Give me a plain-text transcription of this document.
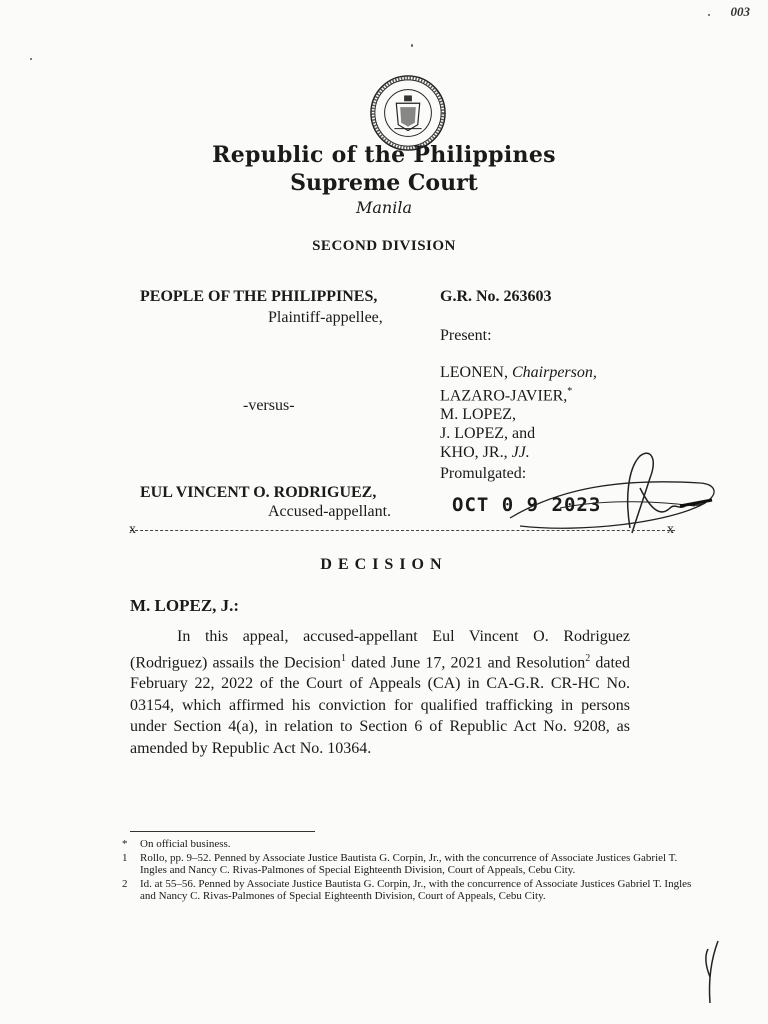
003
Republic of the Philippines
Supreme Court
Manila
SECOND DIVISION
PEOPLE OF THE PHILIPPINES,
Plaintiff-appellee,
-versus-
EUL VINCENT O. RODRIGUEZ,
Accused-appellant.
G.R. No. 263603
Present:
LEONEN, Chairperson,
LAZARO-JAVIER,*
M. LOPEZ,
J. LOPEZ, and
KHO, JR., JJ.
Promulgated:
OCT 0 9 2023
x	x
DECISION
M. LOPEZ, J.:
In this appeal, accused-appellant Eul Vincent O. Rodriguez (Rodriguez) assails the Decision$^1$ dated June 17, 2021 and Resolution$^2$ dated February 22, 2022 of the Court of Appeals (CA) in CA-G.R. CR-HC No. 03154, which affirmed his conviction for qualified trafficking in persons under Section 4(a), in relation to Section 6 of Republic Act No. 9208, as amended by Republic Act No. 10364.
*	On official business.
1	Rollo, pp. 9–52. Penned by Associate Justice Bautista G. Corpin, Jr., with the concurrence of Associate Justices Gabriel T. Ingles and Nancy C. Rivas-Palmones of Special Eighteenth Division, Court of Appeals, Cebu City.
2	Id. at 55–56. Penned by Associate Justice Bautista G. Corpin, Jr., with the concurrence of Associate Justices Gabriel T. Ingles and Nancy C. Rivas-Palmones of Special Eighteenth Division, Court of Appeals, Cebu City.
